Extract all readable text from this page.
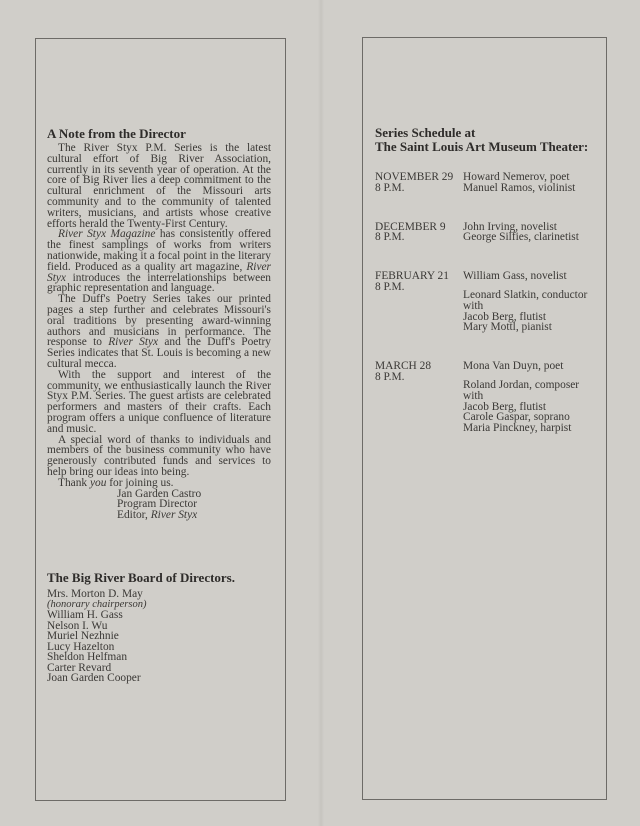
A Note from the Director

The River Styx P.M. Series is the latest cultural effort of Big River Association, currently in its seventh year of operation. At the core of Big River lies a deep commitment to the cultural enrichment of the Missouri arts community and to the community of talented writers, musicians, and artists whose creative efforts herald the Twenty-First Century.

River Styx Magazine has consistently offered the finest samplings of works from writers nationwide, making it a focal point in the literary field. Produced as a quality art magazine, River Styx introduces the interrelationships between graphic representation and language.

The Duff's Poetry Series takes our printed pages a step further and celebrates Missouri's oral traditions by presenting award-winning authors and musicians in performance. The response to River Styx and the Duff's Poetry Series indicates that St. Louis is becoming a new cultural mecca.

With the support and interest of the community, we enthusiastically launch the River Styx P.M. Series. The guest artists are celebrated performers and masters of their crafts. Each program offers a unique confluence of literature and music.

A special word of thanks to individuals and members of the business community who have generously contributed funds and services to help bring our ideas into being.

Thank you for joining us.

Jan Garden Castro
Program Director
Editor, River Styx
The Big River Board of Directors.
Mrs. Morton D. May
(honorary chairperson)
William H. Gass
Nelson I. Wu
Muriel Nezhnie
Lucy Hazelton
Sheldon Helfman
Carter Revard
Joan Garden Cooper
Series Schedule at
The Saint Louis Art Museum Theater:
NOVEMBER 29
8 P.M.
Howard Nemerov, poet
Manuel Ramos, violinist
DECEMBER 9
8 P.M.
John Irving, novelist
George Silfies, clarinetist
FEBRUARY 21
8 P.M.
William Gass, novelist
Leonard Slatkin, conductor
with
Jacob Berg, flutist
Mary Mottl, pianist
MARCH 28
8 P.M.
Mona Van Duyn, poet
Roland Jordan, composer
with
Jacob Berg, flutist
Carole Gaspar, soprano
Maria Pinckney, harpist
